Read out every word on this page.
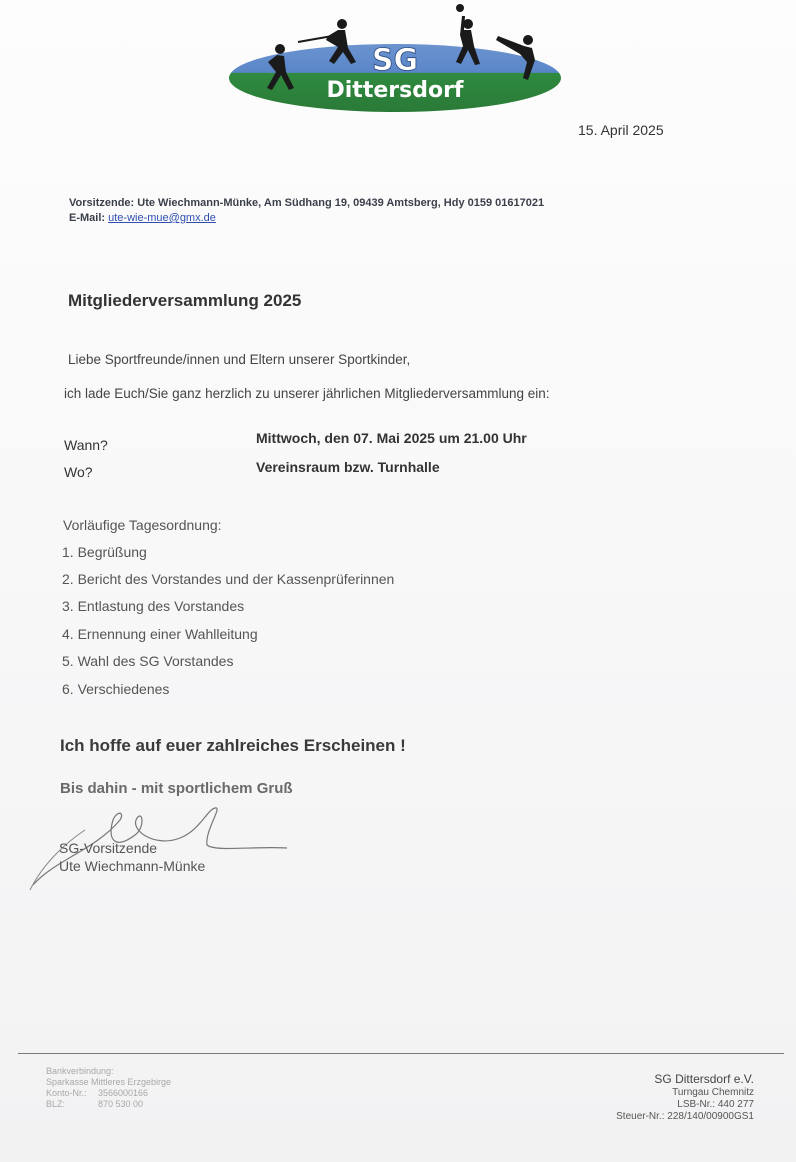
SG
Dittersdorf
15. April 2025
Vorsitzende: Ute Wiechmann-Münke, Am Südhang 19, 09439 Amtsberg, Hdy 0159 01617021
E-Mail: ute-wie-mue@gmx.de
Mitgliederversammlung 2025
Liebe Sportfreunde/innen und Eltern unserer Sportkinder,
ich lade Euch/Sie ganz herzlich zu unserer jährlichen Mitgliederversammlung ein:
Wann?	Mittwoch, den 07. Mai 2025 um 21.00 Uhr
Wo?	Vereinsraum bzw. Turnhalle
Vorläufige Tagesordnung:
1. Begrüßung
2. Bericht des Vorstandes und der Kassenprüferinnen
3. Entlastung des Vorstandes
4. Ernennung einer Wahlleitung
5. Wahl des SG Vorstandes
6. Verschiedenes
Ich hoffe auf euer zahlreiches Erscheinen !
Bis dahin - mit sportlichem Gruß
SG-Vorsitzende
Ute Wiechmann-Münke
Bankverbindung:
Sparkasse Mittleres Erzgebirge
Konto-Nr.: 3566000166
BLZ:	870 530 00
SG Dittersdorf e.V.
Turngau Chemnitz
LSB-Nr.: 440 277
Steuer-Nr.: 228/140/00900GS1
